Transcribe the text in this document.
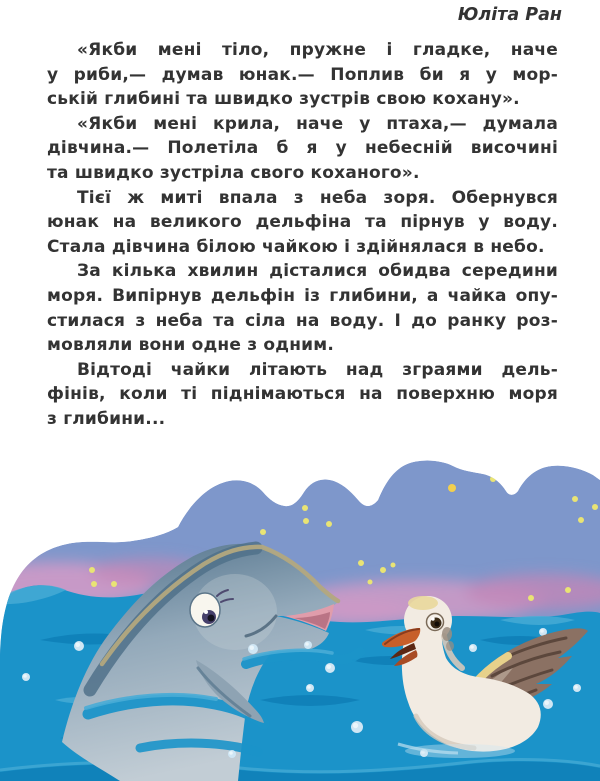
«Якби мені тіло, пружне і гладке, наче
у риби,— думав юнак.— Поплив би я у мор-
ській глибині та швидко зустрів свою кохану».
«Якби мені крила, наче у птаха,— думала
дівчина.— Полетіла б я у небесній височині
та швидко зустріла свого коханого».
Тієї ж миті впала з неба зоря. Обернувся
юнак на великого дельфіна та пірнув у воду.
Стала дівчина білою чайкою і здійнялася в небо.
За кілька хвилин дісталися обидва середини
моря. Випірнув дельфін із глибини, а чайка опу-
стилася з неба та сіла на воду. І до ранку роз-
мовляли вони одне з одним.
Відтоді чайки літають над зграями дель-
фінів, коли ті піднімаються на поверхню моря
з глибини...
Юліта Ран
